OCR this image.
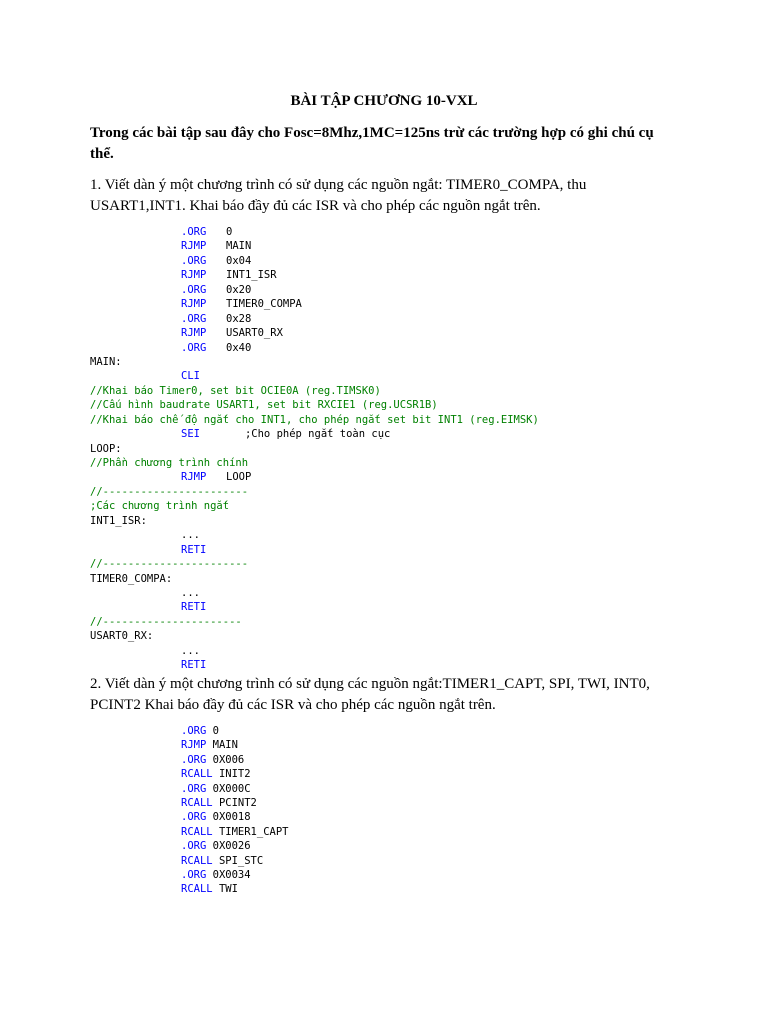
BÀI TẬP CHƯƠNG 10-VXL
Trong các bài tập sau đây cho Fosc=8Mhz,1MC=125ns trừ các trường hợp có ghi chú cụ thể.
1. Viết dàn ý một chương trình có sử dụng các nguồn ngắt: TIMER0_COMPA, thu USART1,INT1. Khai báo đầy đủ các ISR và cho phép các nguồn ngắt trên.
.ORG 0
RJMP MAIN
.ORG 0x04
RJMP INT1_ISR
.ORG 0x20
RJMP TIMER0_COMPA
.ORG 0x28
RJMP USART0_RX
.ORG 0x40
MAIN:
CLI
//Khai báo Timer0, set bit OCIE0A (reg.TIMSK0)
//Cấu hình baudrate USART1, set bit RXCIE1 (reg.UCSR1B)
//Khai báo chế độ ngắt cho INT1, cho phép ngắt set bit INT1 (reg.EIMSK)
SEI   ;Cho phép ngắt toàn cục
LOOP:
//Phần chương trình chính
RJMP LOOP
//-----------------------
;Các chương trình ngắt
INT1_ISR:
...
RETI
//-----------------------
TIMER0_COMPA:
...
RETI
//----------------------
USART0_RX:
...
RETI
2. Viết dàn ý một chương trình có sử dụng các nguồn ngắt:TIMER1_CAPT, SPI, TWI, INT0, PCINT2 Khai báo đầy đủ các ISR và cho phép các nguồn ngắt trên.
.ORG 0
RJMP MAIN
.ORG 0X006
RCALL INIT2
.ORG 0X000C
RCALL PCINT2
.ORG 0X0018
RCALL TIMER1_CAPT
.ORG 0X0026
RCALL SPI_STC
.ORG 0X0034
RCALL TWI
